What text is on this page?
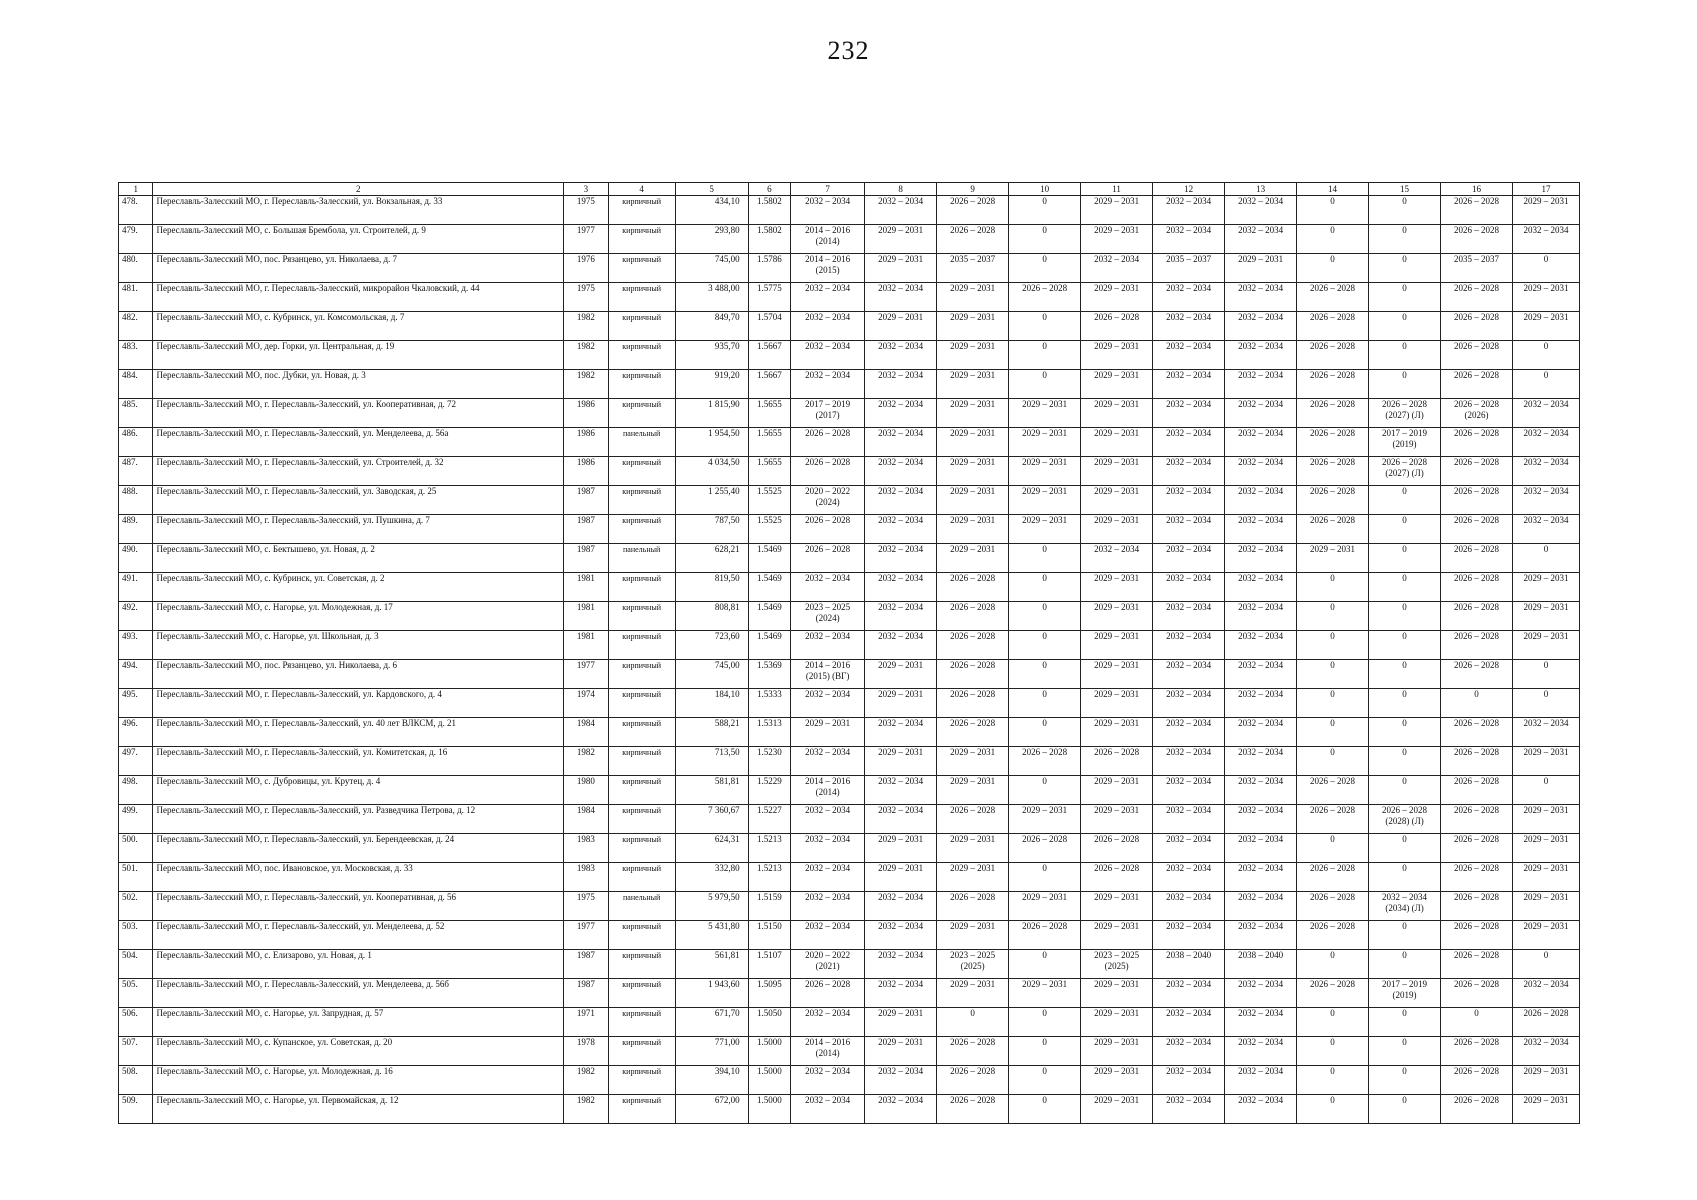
232
1	2	3	4	5	6	7	8	9	10	11	12	13	14	15	16	17

478.	Переславль-Залесский МО, г. Переславль-Залесский, ул. Вокзальная, д. 33	1975	кирпичный	434,10	1.5802	2032 – 2034	2032 – 2034	2026 – 2028	0	2029 – 2031	2032 – 2034	2032 – 2034	0	0	2026 – 2028	2029 – 2031

479.	Переславль-Залесский МО, с. Большая Брембола, ул. Строителей, д. 9	1977	кирпичный	293,80	1.5802	2014 – 2016
(2014)	2029 – 2031	2026 – 2028	0	2029 – 2031	2032 – 2034	2032 – 2034	0	0	2026 – 2028	2032 – 2034

480.	Переславль-Залесский МО, пос. Рязанцево, ул. Николаева, д. 7	1976	кирпичный	745,00	1.5786	2014 – 2016
(2015)	2029 – 2031	2035 – 2037	0	2032 – 2034	2035 – 2037	2029 – 2031	0	0	2035 – 2037	0

481.	Переславль-Залесский МО, г. Переславль-Залесский, микрорайон Чкаловский, д. 44	1975	кирпичный	3 488,00	1.5775	2032 – 2034	2032 – 2034	2029 – 2031	2026 – 2028	2029 – 2031	2032 – 2034	2032 – 2034	2026 – 2028	0	2026 – 2028	2029 – 2031

482.	Переславль-Залесский МО, с. Кубринск, ул. Комсомольская, д. 7	1982	кирпичный	849,70	1.5704	2032 – 2034	2029 – 2031	2029 – 2031	0	2026 – 2028	2032 – 2034	2032 – 2034	2026 – 2028	0	2026 – 2028	2029 – 2031

483.	Переславль-Залесский МО, дер. Горки, ул. Центральная, д. 19	1982	кирпичный	935,70	1.5667	2032 – 2034	2032 – 2034	2029 – 2031	0	2029 – 2031	2032 – 2034	2032 – 2034	2026 – 2028	0	2026 – 2028	0

484.	Переславль-Залесский МО, пос. Дубки, ул. Новая, д. 3	1982	кирпичный	919,20	1.5667	2032 – 2034	2032 – 2034	2029 – 2031	0	2029 – 2031	2032 – 2034	2032 – 2034	2026 – 2028	0	2026 – 2028	0

485.	Переславль-Залесский МО, г. Переславль-Залесский, ул. Кооперативная, д. 72	1986	кирпичный	1 815,90	1.5655	2017 – 2019
(2017)	2032 – 2034	2029 – 2031	2029 – 2031	2029 – 2031	2032 – 2034	2032 – 2034	2026 – 2028	2026 – 2028
(2027) (Л)	2026 – 2028
(2026)	2032 – 2034

486.	Переславль-Залесский МО, г. Переславль-Залесский, ул. Менделеева, д. 56а	1986	панельный	1 954,50	1.5655	2026 – 2028	2032 – 2034	2029 – 2031	2029 – 2031	2029 – 2031	2032 – 2034	2032 – 2034	2026 – 2028	2017 – 2019
(2019)	2026 – 2028	2032 – 2034

487.	Переславль-Залесский МО, г. Переславль-Залесский, ул. Строителей, д. 32	1986	кирпичный	4 034,50	1.5655	2026 – 2028	2032 – 2034	2029 – 2031	2029 – 2031	2029 – 2031	2032 – 2034	2032 – 2034	2026 – 2028	2026 – 2028
(2027) (Л)	2026 – 2028	2032 – 2034

488.	Переславль-Залесский МО, г. Переславль-Залесский, ул. Заводская, д. 25	1987	кирпичный	1 255,40	1.5525	2020 – 2022
(2024)	2032 – 2034	2029 – 2031	2029 – 2031	2029 – 2031	2032 – 2034	2032 – 2034	2026 – 2028	0	2026 – 2028	2032 – 2034

489.	Переславль-Залесский МО, г. Переславль-Залесский, ул. Пушкина, д. 7	1987	кирпичный	787,50	1.5525	2026 – 2028	2032 – 2034	2029 – 2031	2029 – 2031	2029 – 2031	2032 – 2034	2032 – 2034	2026 – 2028	0	2026 – 2028	2032 – 2034

490.	Переславль-Залесский МО, с. Бектышево, ул. Новая, д. 2	1987	панельный	628,21	1.5469	2026 – 2028	2032 – 2034	2029 – 2031	0	2032 – 2034	2032 – 2034	2032 – 2034	2029 – 2031	0	2026 – 2028	0

491.	Переславль-Залесский МО, с. Кубринск, ул. Советская, д. 2	1981	кирпичный	819,50	1.5469	2032 – 2034	2032 – 2034	2026 – 2028	0	2029 – 2031	2032 – 2034	2032 – 2034	0	0	2026 – 2028	2029 – 2031

492.	Переславль-Залесский МО, с. Нагорье, ул. Молодежная, д. 17	1981	кирпичный	808,81	1.5469	2023 – 2025
(2024)	2032 – 2034	2026 – 2028	0	2029 – 2031	2032 – 2034	2032 – 2034	0	0	2026 – 2028	2029 – 2031

493.	Переславль-Залесский МО, с. Нагорье, ул. Школьная, д. 3	1981	кирпичный	723,60	1.5469	2032 – 2034	2032 – 2034	2026 – 2028	0	2029 – 2031	2032 – 2034	2032 – 2034	0	0	2026 – 2028	2029 – 2031

494.	Переславль-Залесский МО, пос. Рязанцево, ул. Николаева, д. 6	1977	кирпичный	745,00	1.5369	2014 – 2016
(2015) (ВГ)	2029 – 2031	2026 – 2028	0	2029 – 2031	2032 – 2034	2032 – 2034	0	0	2026 – 2028	0

495.	Переславль-Залесский МО, г. Переславль-Залесский, ул. Кардовского, д. 4	1974	кирпичный	184,10	1.5333	2032 – 2034	2029 – 2031	2026 – 2028	0	2029 – 2031	2032 – 2034	2032 – 2034	0	0	0	0

496.	Переславль-Залесский МО, г. Переславль-Залесский, ул. 40 лет ВЛКСМ, д. 21	1984	кирпичный	588,21	1.5313	2029 – 2031	2032 – 2034	2026 – 2028	0	2029 – 2031	2032 – 2034	2032 – 2034	0	0	2026 – 2028	2032 – 2034

497.	Переславль-Залесский МО, г. Переславль-Залесский, ул. Комитетская, д. 16	1982	кирпичный	713,50	1.5230	2032 – 2034	2029 – 2031	2029 – 2031	2026 – 2028	2026 – 2028	2032 – 2034	2032 – 2034	0	0	2026 – 2028	2029 – 2031

498.	Переславль-Залесский МО, с. Дубровицы, ул. Крутец, д. 4	1980	кирпичный	581,81	1.5229	2014 – 2016
(2014)	2032 – 2034	2029 – 2031	0	2029 – 2031	2032 – 2034	2032 – 2034	2026 – 2028	0	2026 – 2028	0

499.	Переславль-Залесский МО, г. Переславль-Залесский, ул. Разведчика Петрова, д. 12	1984	кирпичный	7 360,67	1.5227	2032 – 2034	2032 – 2034	2026 – 2028	2029 – 2031	2029 – 2031	2032 – 2034	2032 – 2034	2026 – 2028	2026 – 2028
(2028) (Л)	2026 – 2028	2029 – 2031

500.	Переславль-Залесский МО, г. Переславль-Залесский, ул. Берендеевская, д. 24	1983	кирпичный	624,31	1.5213	2032 – 2034	2029 – 2031	2029 – 2031	2026 – 2028	2026 – 2028	2032 – 2034	2032 – 2034	0	0	2026 – 2028	2029 – 2031

501.	Переславль-Залесский МО, пос. Ивановское, ул. Московская, д. 33	1983	кирпичный	332,80	1.5213	2032 – 2034	2029 – 2031	2029 – 2031	0	2026 – 2028	2032 – 2034	2032 – 2034	2026 – 2028	0	2026 – 2028	2029 – 2031

502.	Переславль-Залесский МО, г. Переславль-Залесский, ул. Кооперативная, д. 56	1975	панельный	5 979,50	1.5159	2032 – 2034	2032 – 2034	2026 – 2028	2029 – 2031	2029 – 2031	2032 – 2034	2032 – 2034	2026 – 2028	2032 – 2034
(2034) (Л)	2026 – 2028	2029 – 2031

503.	Переславль-Залесский МО, г. Переславль-Залесский, ул. Менделеева, д. 52	1977	кирпичный	5 431,80	1.5150	2032 – 2034	2032 – 2034	2029 – 2031	2026 – 2028	2029 – 2031	2032 – 2034	2032 – 2034	2026 – 2028	0	2026 – 2028	2029 – 2031

504.	Переславль-Залесский МО, с. Елизарово, ул. Новая, д. 1	1987	кирпичный	561,81	1.5107	2020 – 2022
(2021)	2032 – 2034	2023 – 2025
(2025)	0	2023 – 2025
(2025)	2038 – 2040	2038 – 2040	0	0	2026 – 2028	0

505.	Переславль-Залесский МО, г. Переславль-Залесский, ул. Менделеева, д. 56б	1987	кирпичный	1 943,60	1.5095	2026 – 2028	2032 – 2034	2029 – 2031	2029 – 2031	2029 – 2031	2032 – 2034	2032 – 2034	2026 – 2028	2017 – 2019
(2019)	2026 – 2028	2032 – 2034

506.	Переславль-Залесский МО, с. Нагорье, ул. Запрудная, д. 57	1971	кирпичный	671,70	1.5050	2032 – 2034	2029 – 2031	0	0	2029 – 2031	2032 – 2034	2032 – 2034	0	0	0	2026 – 2028

507.	Переславль-Залесский МО, с. Купанское, ул. Советская, д. 20	1978	кирпичный	771,00	1.5000	2014 – 2016
(2014)	2029 – 2031	2026 – 2028	0	2029 – 2031	2032 – 2034	2032 – 2034	0	0	2026 – 2028	2032 – 2034

508.	Переславль-Залесский МО, с. Нагорье, ул. Молодежная, д. 16	1982	кирпичный	394,10	1.5000	2032 – 2034	2032 – 2034	2026 – 2028	0	2029 – 2031	2032 – 2034	2032 – 2034	0	0	2026 – 2028	2029 – 2031

509.	Переславль-Залесский МО, с. Нагорье, ул. Первомайская, д. 12	1982	кирпичный	672,00	1.5000	2032 – 2034	2032 – 2034	2026 – 2028	0	2029 – 2031	2032 – 2034	2032 – 2034	0	0	2026 – 2028	2029 – 2031
